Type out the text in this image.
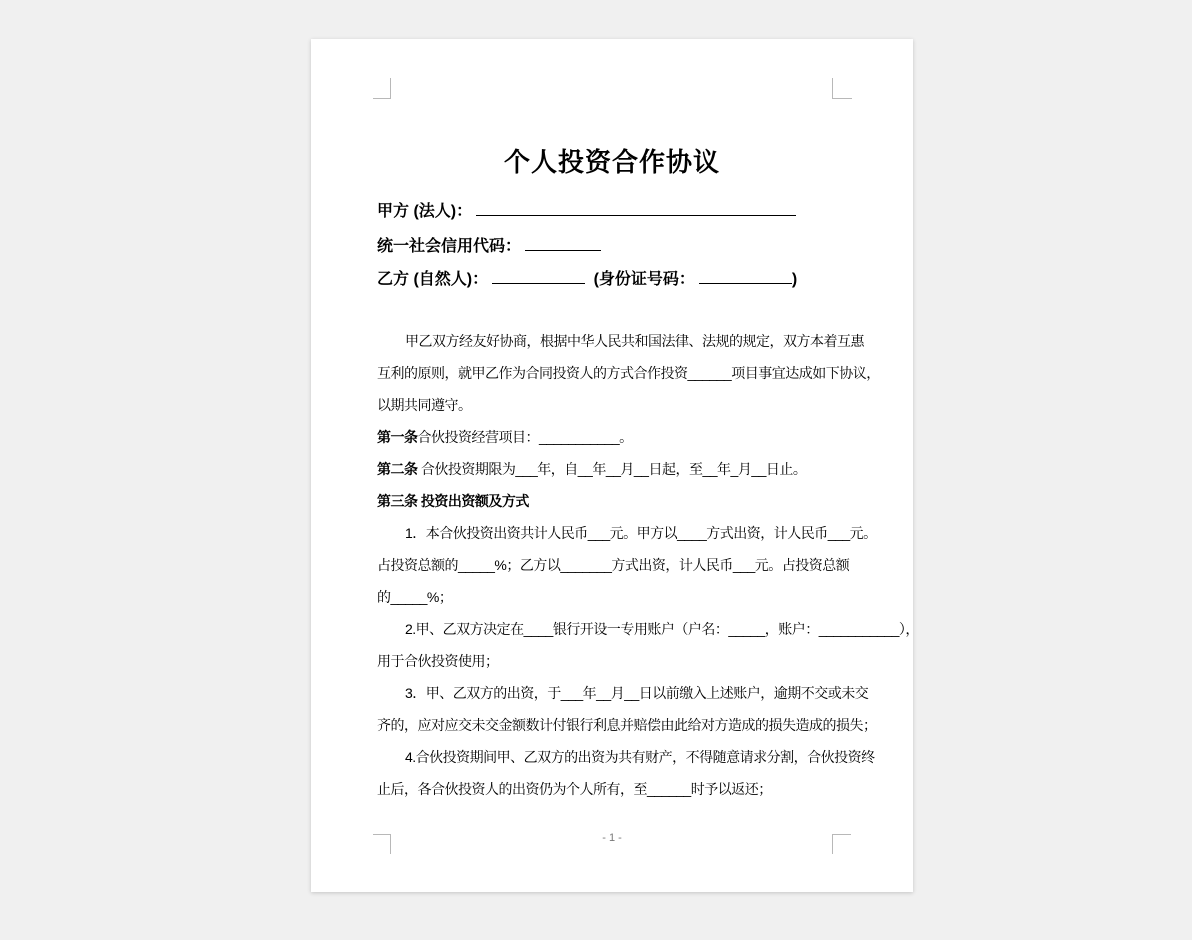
个人投资合作协议
甲方 (法人)：
统一社会信用代码：
乙方 (自然人)：	(身份证号码：	)
甲乙双方经友好协商，根据中华人民共和国法律、法规的规定，双方本着互惠
互利的原则，就甲乙作为合同投资人的方式合作投资______项目事宜达成如下协议，
以期共同遵守。
第一条合伙投资经营项目：___________。
第二条 合伙投资期限为___年，自__年__月__日起，至__年_月__日止。
第三条 投资出资额及方式
1．本合伙投资出资共计人民币___元。甲方以____方式出资，计人民币___元。
占投资总额的_____%；乙方以_______方式出资，计人民币___元。占投资总额
的_____%；
2.甲、乙双方决定在____银行开设一专用账户（户名：_____，账户：___________），
用于合伙投资使用；
3．甲、乙双方的出资，于___年__月__日以前缴入上述账户，逾期不交或未交
齐的，应对应交未交金额数计付银行利息并赔偿由此给对方造成的损失造成的损失；
4.合伙投资期间甲、乙双方的出资为共有财产，不得随意请求分割，合伙投资终
止后，各合伙投资人的出资仍为个人所有，至______时予以返还；
- 1 -
